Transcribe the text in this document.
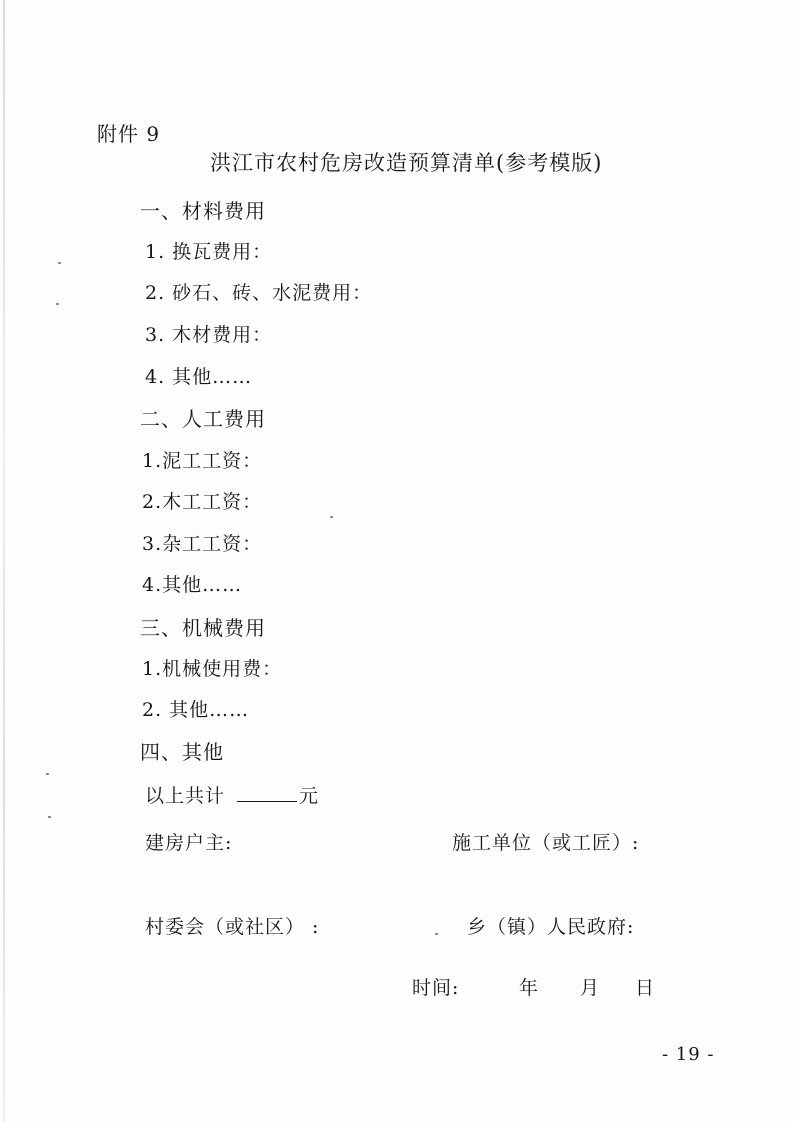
附件 9
洪江市农村危房改造预算清单(参考模版)
一、材料费用
1. 换瓦费用：
2. 砂石、砖、水泥费用：
3. 木材费用：
4. 其他……
二、人工费用
1.泥工工资：
2.木工工资：
3.杂工工资：
4.其他……
三、机械费用
1.机械使用费：
2. 其他……
四、其他
以上共计	元
建房户主:	施工单位（或工匠）:
村委会（或社区） :	乡（镇）人民政府:
时间:	年 月 日
- 19 -
